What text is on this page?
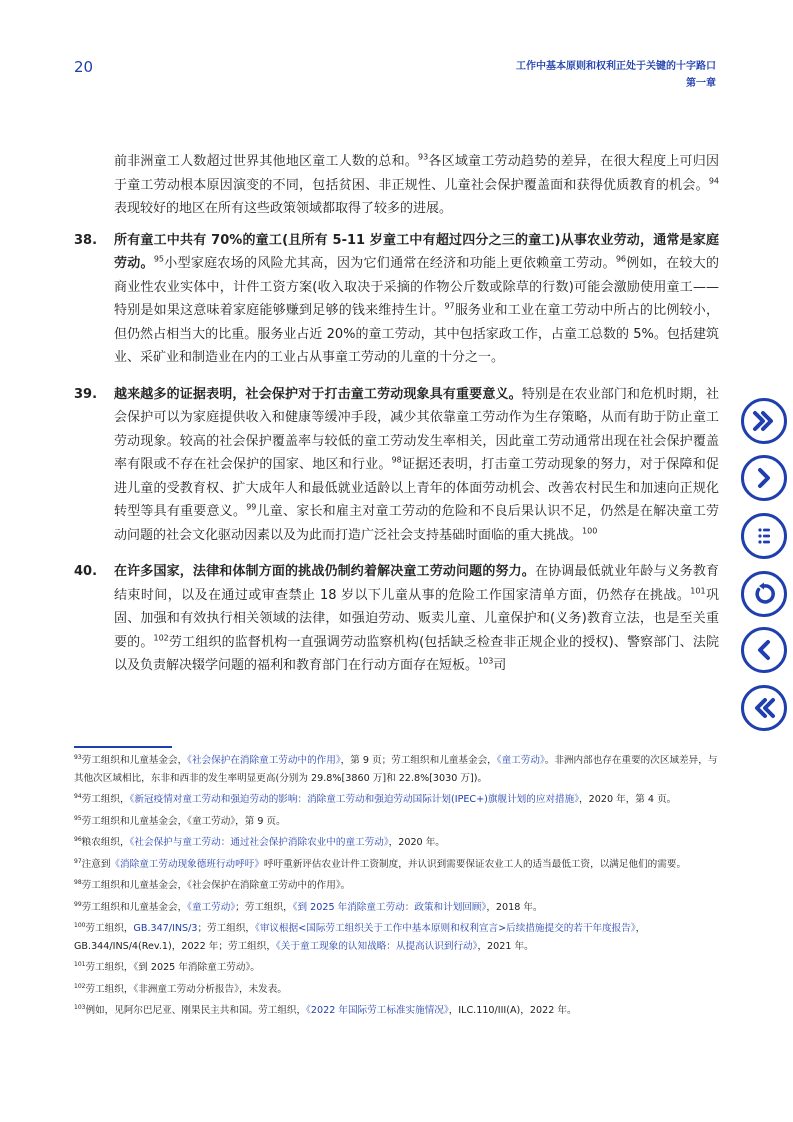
20	工作中基本原则和权利正处于关键的十字路口
第一章

前非洲童工人数超过世界其他地区童工人数的总和。$^{93}$各区域童工劳动趋势的差异，在很大程度上可归因于童工劳动根本原因演变的不同，包括贫困、非正规性、儿童社会保护覆盖面和获得优质教育的机会。$^{94}$表现较好的地区在所有这些政策领域都取得了较多的进展。

38. 所有童工中共有 70%的童工(且所有 5-11 岁童工中有超过四分之三的童工)从事农业劳动，通常是家庭劳动。$^{95}$小型家庭农场的风险尤其高，因为它们通常在经济和功能上更依赖童工劳动。$^{96}$例如，在较大的商业性农业实体中，计件工资方案(收入取决于采摘的作物公斤数或除草的行数)可能会激励使用童工——特别是如果这意味着家庭能够赚到足够的钱来维持生计。$^{97}$服务业和工业在童工劳动中所占的比例较小，但仍然占相当大的比重。服务业占近 20%的童工劳动，其中包括家政工作，占童工总数的 5%。包括建筑业、采矿业和制造业在内的工业占从事童工劳动的儿童的十分之一。

39. 越来越多的证据表明，社会保护对于打击童工劳动现象具有重要意义。特别是在农业部门和危机时期，社会保护可以为家庭提供收入和健康等缓冲手段，减少其依靠童工劳动作为生存策略，从而有助于防止童工劳动现象。较高的社会保护覆盖率与较低的童工劳动发生率相关，因此童工劳动通常出现在社会保护覆盖率有限或不存在社会保护的国家、地区和行业。$^{98}$证据还表明，打击童工劳动现象的努力，对于保障和促进儿童的受教育权、扩大成年人和最低就业适龄以上青年的体面劳动机会、改善农村民生和加速向正规化转型等具有重要意义。$^{99}$儿童、家长和雇主对童工劳动的危险和不良后果认识不足，仍然是在解决童工劳动问题的社会文化驱动因素以及为此而打造广泛社会支持基础时面临的重大挑战。$^{100}$

40. 在许多国家，法律和体制方面的挑战仍制约着解决童工劳动问题的努力。在协调最低就业年龄与义务教育结束时间，以及在通过或审查禁止 18 岁以下儿童从事的危险工作国家清单方面，仍然存在挑战。$^{101}$巩固、加强和有效执行相关领域的法律，如强迫劳动、贩卖儿童、儿童保护和(义务)教育立法，也是至关重要的。$^{102}$劳工组织的监督机构一直强调劳动监察机构(包括缺乏检查非正规企业的授权)、警察部门、法院以及负责解决辍学问题的福利和教育部门在行动方面存在短板。$^{103}$司

$^{93}$劳工组织和儿童基金会，《社会保护在消除童工劳动中的作用》，第 9 页；劳工组织和儿童基金会，《童工劳动》。非洲内部也存在重要的次区域差异，与其他次区域相比，东非和西非的发生率明显更高(分别为 29.8%[3860 万]和 22.8%[3030 万])。
$^{94}$劳工组织，《新冠疫情对童工劳动和强迫劳动的影响：消除童工劳动和强迫劳动国际计划(IPEC+)旗舰计划的应对措施》，2020 年，第 4 页。
$^{95}$劳工组织和儿童基金会，《童工劳动》，第 9 页。
$^{96}$粮农组织，《社会保护与童工劳动：通过社会保护消除农业中的童工劳动》，2020 年。
$^{97}$注意到《消除童工劳动现象德班行动呼吁》呼吁重新评估农业计件工资制度，并认识到需要保证农业工人的适当最低工资，以满足他们的需要。
$^{98}$劳工组织和儿童基金会，《社会保护在消除童工劳动中的作用》。
$^{99}$劳工组织和儿童基金会，《童工劳动》；劳工组织，《到 2025 年消除童工劳动：政策和计划回顾》，2018 年。
$^{100}$劳工组织，GB.347/INS/3；劳工组织，《审议根据<国际劳工组织关于工作中基本原则和权利宣言>后续措施提交的若干年度报告》，GB.344/INS/4(Rev.1)，2022 年；劳工组织，《关于童工现象的认知战略：从提高认识到行动》，2021 年。
$^{101}$劳工组织，《到 2025 年消除童工劳动》。
$^{102}$劳工组织，《非洲童工劳动分析报告》，未发表。
$^{103}$例如，见阿尔巴尼亚、刚果民主共和国。劳工组织，《2022 年国际劳工标准实施情况》，ILC.110/III(A)，2022 年。
